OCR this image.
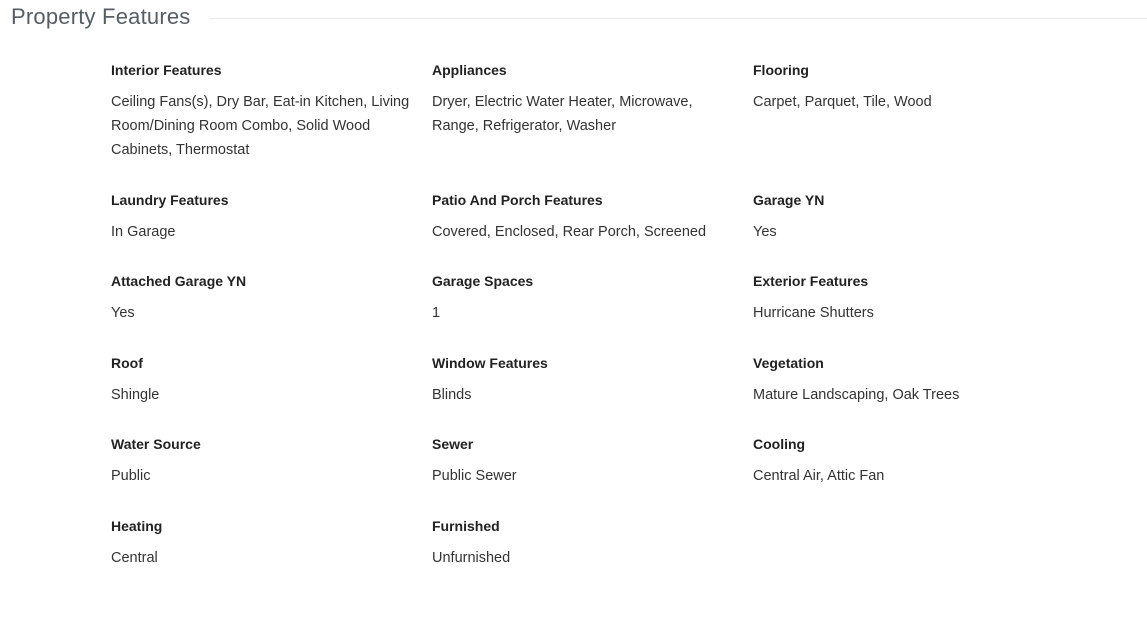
Property Features
Interior Features
Ceiling Fans(s), Dry Bar, Eat-in Kitchen, Living Room/Dining Room Combo, Solid Wood Cabinets, Thermostat
Appliances
Dryer, Electric Water Heater, Microwave, Range, Refrigerator, Washer
Flooring
Carpet, Parquet, Tile, Wood
Laundry Features
In Garage
Patio And Porch Features
Covered, Enclosed, Rear Porch, Screened
Garage YN
Yes
Attached Garage YN
Yes
Garage Spaces
1
Exterior Features
Hurricane Shutters
Roof
Shingle
Window Features
Blinds
Vegetation
Mature Landscaping, Oak Trees
Water Source
Public
Sewer
Public Sewer
Cooling
Central Air, Attic Fan
Heating
Central
Furnished
Unfurnished
